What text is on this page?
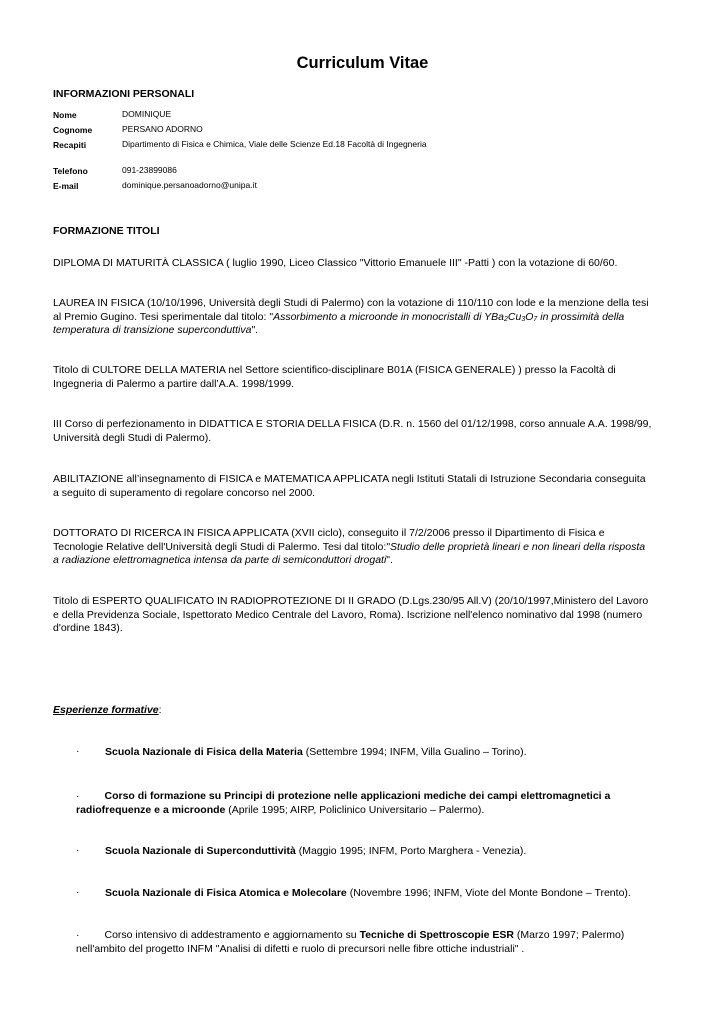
Curriculum Vitae
INFORMAZIONI PERSONALI
Nome	DOMINIQUE
Cognome	PERSANO ADORNO
Recapiti	Dipartimento di Fisica e Chimica, Viale delle Scienze Ed.18 Facoltà di Ingegneria
Telefono	091-23899086
E-mail	dominique.persanoadorno@unipa.it
FORMAZIONE TITOLI

DIPLOMA DI MATURITÀ CLASSICA ( luglio 1990, Liceo Classico "Vittorio Emanuele III" -Patti ) con la votazione di 60/60.

LAUREA IN FISICA (10/10/1996, Università degli Studi di Palermo) con la votazione di 110/110 con lode e la menzione della tesi al Premio Gugino. Tesi sperimentale dal titolo: "Assorbimento a microonde in monocristalli di $YBa_2Cu_3O_7$ in prossimità della temperatura di transizione superconduttiva".

Titolo di CULTORE DELLA MATERIA nel Settore scientifico-disciplinare B01A (FISICA GENERALE) ) presso la Facoltà di Ingegneria di Palermo a partire dall’A.A. 1998/1999.

III Corso di perfezionamento in DIDATTICA E STORIA DELLA FISICA (D.R. n. 1560 del 01/12/1998, corso annuale A.A. 1998/99, Università degli Studi di Palermo).

ABILITAZIONE all’insegnamento di FISICA e MATEMATICA APPLICATA negli Istituti Statali di Istruzione Secondaria conseguita a seguito di superamento di regolare concorso nel 2000.

DOTTORATO DI RICERCA IN FISICA APPLICATA (XVII ciclo), conseguito il 7/2/2006 presso il Dipartimento di Fisica e Tecnologie Relative dell'Università degli Studi di Palermo. Tesi dal titolo:"Studio delle proprietà lineari e non lineari della risposta a radiazione elettromagnetica intensa da parte di semiconduttori drogati".

Titolo di ESPERTO QUALIFICATO IN RADIOPROTEZIONE DI II GRADO (D.Lgs.230/95 All.V) (20/10/1997,Ministero del Lavoro e della Previdenza Sociale, Ispettorato Medico Centrale del Lavoro, Roma). Iscrizione nell'elenco nominativo dal 1998 (numero d'ordine 1843).

Esperienze formative:
· Scuola Nazionale di Fisica della Materia (Settembre 1994; INFM, Villa Gualino – Torino).
· Corso di formazione su Principi di protezione nelle applicazioni mediche dei campi elettromagnetici a radiofrequenze e a microonde (Aprile 1995; AIRP, Policlinico Universitario – Palermo).
· Scuola Nazionale di Superconduttività (Maggio 1995; INFM, Porto Marghera - Venezia).
· Scuola Nazionale di Fisica Atomica e Molecolare (Novembre 1996; INFM, Viote del Monte Bondone – Trento).
· Corso intensivo di addestramento e aggiornamento su Tecniche di Spettroscopie ESR (Marzo 1997; Palermo) nell'ambito del progetto INFM "Analisi di difetti e ruolo di precursori nelle fibre ottiche industriali" .
